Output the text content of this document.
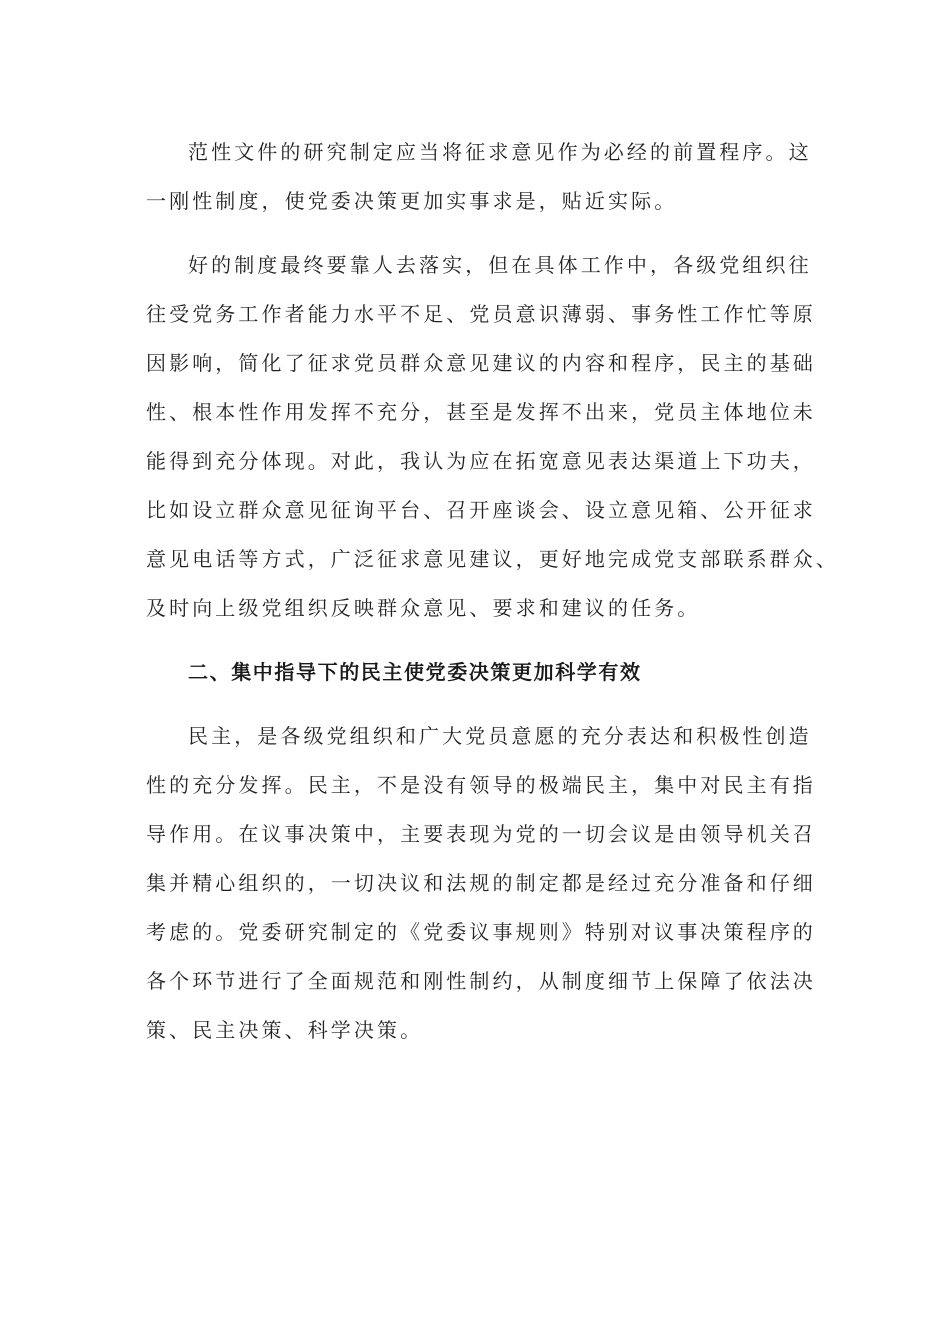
范性文件的研究制定应当将征求意见作为必经的前置程序。这
一刚性制度，使党委决策更加实事求是，贴近实际。
好的制度最终要靠人去落实，但在具体工作中，各级党组织往
往受党务工作者能力水平不足、党员意识薄弱、事务性工作忙等原
因影响，简化了征求党员群众意见建议的内容和程序，民主的基础
性、根本性作用发挥不充分，甚至是发挥不出来，党员主体地位未
能得到充分体现。对此，我认为应在拓宽意见表达渠道上下功夫，
比如设立群众意见征询平台、召开座谈会、设立意见箱、公开征求
意见电话等方式，广泛征求意见建议，更好地完成党支部联系群众、
及时向上级党组织反映群众意见、要求和建议的任务。
二、集中指导下的民主使党委决策更加科学有效
民主，是各级党组织和广大党员意愿的充分表达和积极性创造
性的充分发挥。民主，不是没有领导的极端民主，集中对民主有指
导作用。在议事决策中，主要表现为党的一切会议是由领导机关召
集并精心组织的，一切决议和法规的制定都是经过充分准备和仔细
考虑的。党委研究制定的《党委议事规则》特别对议事决策程序的
各个环节进行了全面规范和刚性制约，从制度细节上保障了依法决
策、民主决策、科学决策。
